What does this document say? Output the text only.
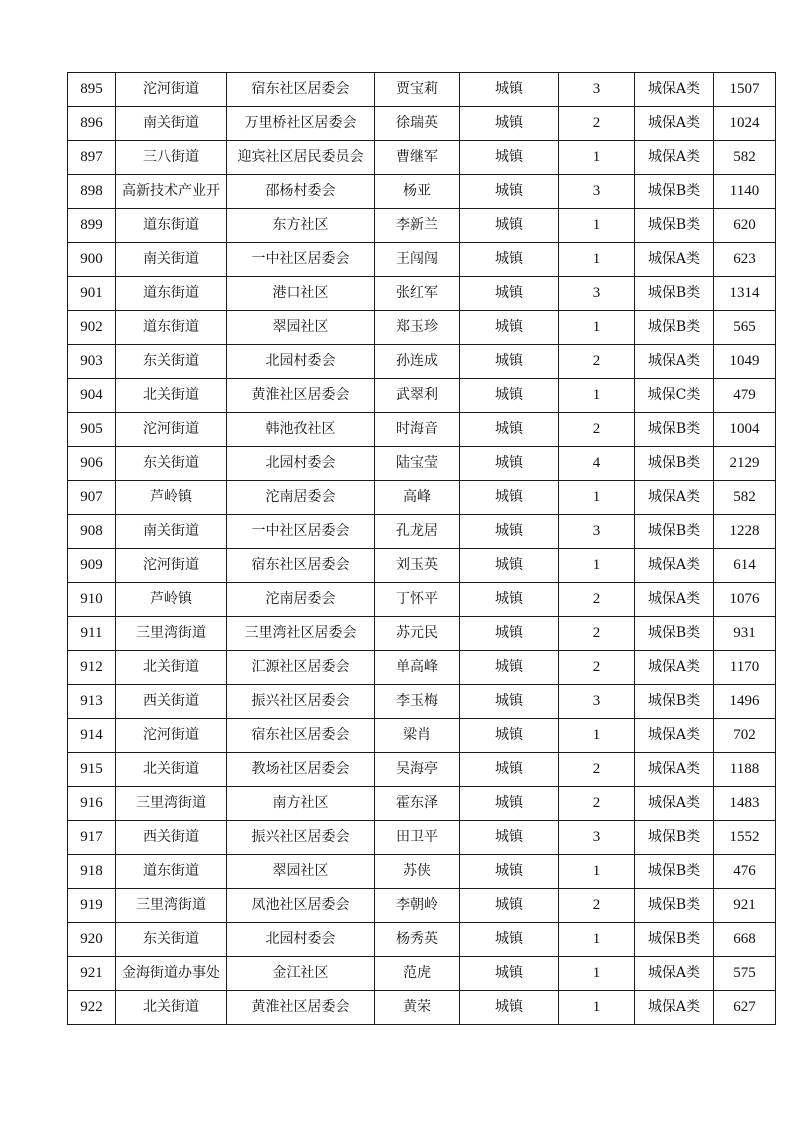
895	沱河街道	宿东社区居委会	贾宝莉	城镇	3	城保A类	1507
896	南关街道	万里桥社区居委会	徐瑞英	城镇	2	城保A类	1024
897	三八街道	迎宾社区居民委员会	曹继军	城镇	1	城保A类	582
898	高新技术产业开	邵杨村委会	杨亚	城镇	3	城保B类	1140
899	道东街道	东方社区	李新兰	城镇	1	城保B类	620
900	南关街道	一中社区居委会	王闯闯	城镇	1	城保A类	623
901	道东街道	港口社区	张红军	城镇	3	城保B类	1314
902	道东街道	翠园社区	郑玉珍	城镇	1	城保B类	565
903	东关街道	北园村委会	孙连成	城镇	2	城保A类	1049
904	北关街道	黄淮社区居委会	武翠利	城镇	1	城保C类	479
905	沱河街道	韩池孜社区	时海音	城镇	2	城保B类	1004
906	东关街道	北园村委会	陆宝莹	城镇	4	城保B类	2129
907	芦岭镇	沱南居委会	高峰	城镇	1	城保A类	582
908	南关街道	一中社区居委会	孔龙居	城镇	3	城保B类	1228
909	沱河街道	宿东社区居委会	刘玉英	城镇	1	城保A类	614
910	芦岭镇	沱南居委会	丁怀平	城镇	2	城保A类	1076
911	三里湾街道	三里湾社区居委会	苏元民	城镇	2	城保B类	931
912	北关街道	汇源社区居委会	单高峰	城镇	2	城保A类	1170
913	西关街道	振兴社区居委会	李玉梅	城镇	3	城保B类	1496
914	沱河街道	宿东社区居委会	梁肖	城镇	1	城保A类	702
915	北关街道	教场社区居委会	吴海亭	城镇	2	城保A类	1188
916	三里湾街道	南方社区	霍东泽	城镇	2	城保A类	1483
917	西关街道	振兴社区居委会	田卫平	城镇	3	城保B类	1552
918	道东街道	翠园社区	苏侠	城镇	1	城保B类	476
919	三里湾街道	凤池社区居委会	李朝岭	城镇	2	城保B类	921
920	东关街道	北园村委会	杨秀英	城镇	1	城保B类	668
921	金海街道办事处	金江社区	范虎	城镇	1	城保A类	575
922	北关街道	黄淮社区居委会	黄荣	城镇	1	城保A类	627
